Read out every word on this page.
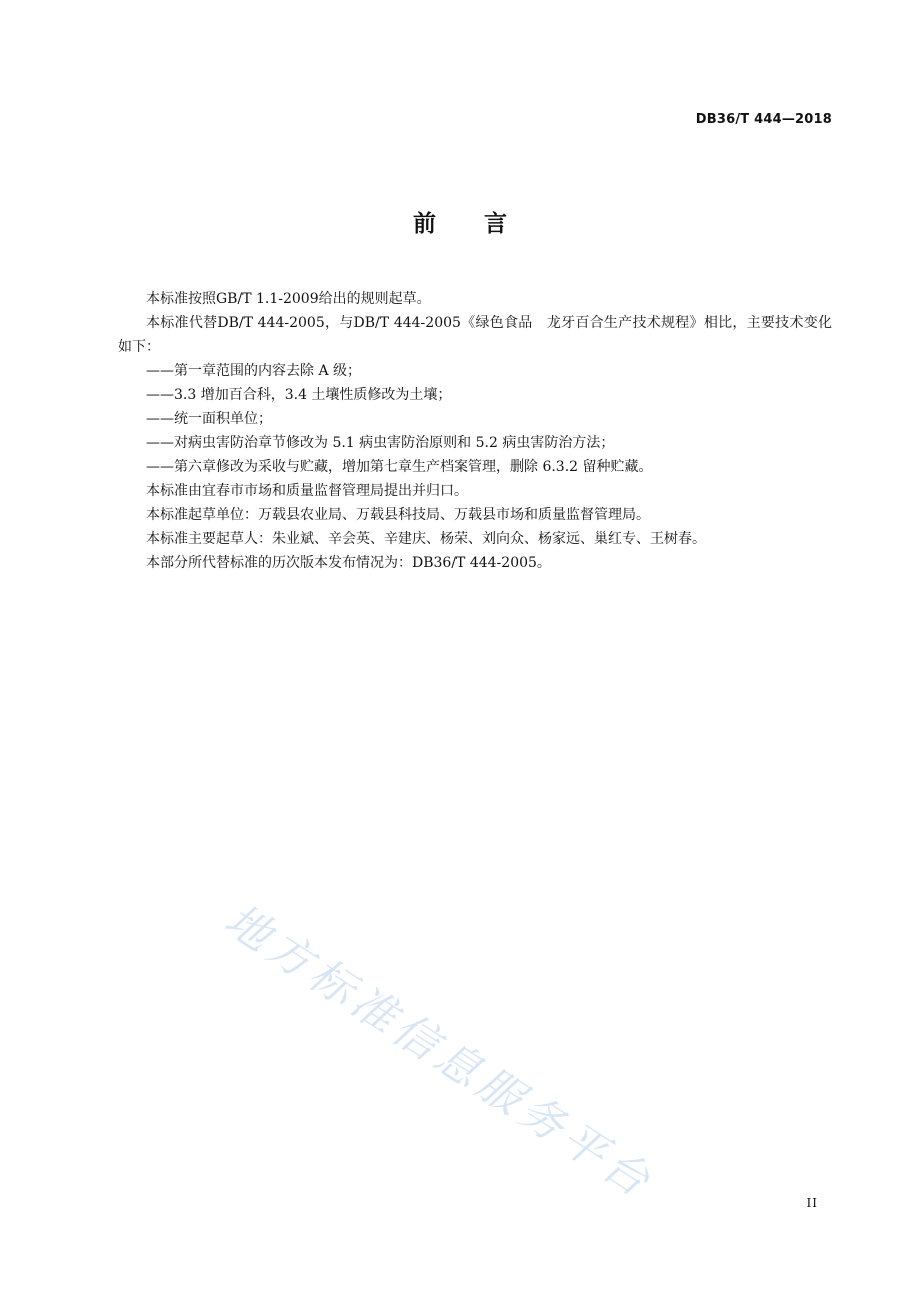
DB36/T 444—2018
前言

本标准按照GB/T 1.1-2009给出的规则起草。

本标准代替DB/T 444-2005，与DB/T 444-2005《绿色食品　龙牙百合生产技术规程》相比，主要技术变化如下：

——第一章范围的内容去除 A 级；

——3.3 增加百合科，3.4 土壤性质修改为土壤；

——统一面积单位；

——对病虫害防治章节修改为 5.1 病虫害防治原则和 5.2 病虫害防治方法；

——第六章修改为采收与贮藏，增加第七章生产档案管理，删除 6.3.2 留种贮藏。

本标准由宜春市市场和质量监督管理局提出并归口。

本标准起草单位：万载县农业局、万载县科技局、万载县市场和质量监督管理局。

本标准主要起草人：朱业斌、辛会英、辛建庆、杨荣、刘向众、杨家远、巢红专、王树春。

本部分所代替标准的历次版本发布情况为：DB36/T 444-2005。

地方标准信息服务平台	II
